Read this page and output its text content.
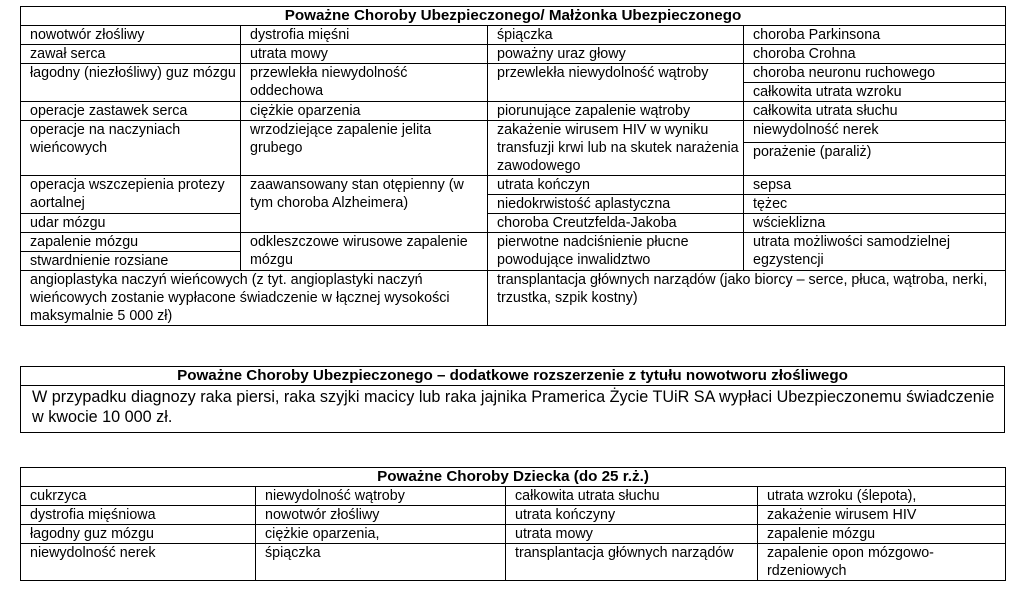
Poważne Choroby Ubezpieczonego/ Małżonka Ubezpieczonego			
nowotwór złośliwy	dystrofia mięśni	śpiączka	choroba Parkinsona
zawał serca	utrata mowy	poważny uraz głowy	choroba Crohna
łagodny (niezłośliwy) guz mózgu	przewlekła niewydolność oddechowa	przewlekła niewydolność wątroby	choroba neuronu ruchowego
			całkowita utrata wzroku
operacje zastawek serca	ciężkie oparzenia	piorunujące zapalenie wątroby	całkowita utrata słuchu
operacje na naczyniach wieńcowych	wrzodziejące zapalenie jelita grubego	zakażenie wirusem HIV w wyniku transfuzji krwi lub na skutek narażenia zawodowego	niewydolność nerek
			porażenie (paraliż)
operacja wszczepienia protezy aortalnej	zaawansowany stan otępienny (w tym choroba Alzheimera)	utrata kończyn	sepsa
		niedokrwistość aplastyczna	tężec
udar mózgu		choroba Creutzfelda-Jakoba	wścieklizna
zapalenie mózgu	odkleszczowe wirusowe zapalenie mózgu	pierwotne nadciśnienie płucne powodujące inwalidztwo	utrata możliwości samodzielnej egzystencji
stwardnienie rozsiane			
angioplastyka naczyń wieńcowych (z tyt. angioplastyki naczyń wieńcowych zostanie wypłacone świadczenie w łącznej wysokości maksymalnie 5 000 zł)		transplantacja głównych narządów (jako biorcy – serce, płuca, wątroba, nerki, trzustka, szpik kostny)	
Poważne Choroby Ubezpieczonego – dodatkowe rozszerzenie z tytułu nowotworu złośliwego
W przypadku diagnozy raka piersi, raka szyjki macicy lub raka jajnika Pramerica Życie TUiR SA wypłaci Ubezpieczonemu świadczenie w kwocie 10 000 zł.
Poważne Choroby Dziecka (do 25 r.ż.)			
cukrzyca	niewydolność wątroby	całkowita utrata słuchu	utrata wzroku (ślepota),
dystrofia mięśniowa	nowotwór złośliwy	utrata kończyny	zakażenie wirusem HIV
łagodny guz mózgu	ciężkie oparzenia,	utrata mowy	zapalenie mózgu
niewydolność nerek	śpiączka	transplantacja głównych narządów	zapalenie opon mózgowo-rdzeniowych
